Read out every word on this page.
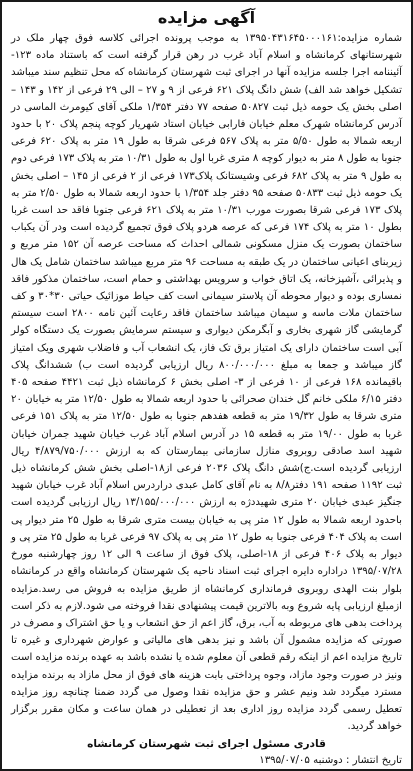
آگهی مزایده

شماره مزایده:۱۳۹۵۰۴۳۱۶۴۵۰۰۰۱۶۱ به موجب پرونده اجرائی کلاسه فوق چهار ملک در شهرستانهای کرمانشاه و اسلام آباد غرب در رهن قرار گرفته است که باستناد ماده ۱۲۳- آئیننامه اجرا جلسه مزایده آنها در اجرای ثبت شهرستان کرمانشاه که محل تنظیم سند میباشد تشکیل خواهد شد الف) شش دانگ پلاک ۶۲۱ فرعی از ۹ و ۲۷ – الی ۲۹ فرعی از ۱۴۲ و ۱۴۳ – اصلی بخش یک حومه ذیل ثبت ۵۰۸۲۷ صفحه ۷۷ دفتر ۱/۳۵۴ ملکی آقای کیومرث الماسی در آدرس کرمانشاه شهرک معلم خیابان فارابی خیابان استاد شهریار کوچه پنجم پلاک ۲۰ با حدود اربعه شمالا به طول ۵/۵۰ متر به پلاک ۵۶۷ فرعی شرقا به طول ۱۹ متر به پلاک ۶۲۰ فرعی جنوبا به طول ۸ متر به دیوار کوچه ۸ متری غربا اول به طول ۱۰/۳۱ متر به پلاک ۱۷۳ فرعی دوم به طول ۹ متر به پلاک ۶۸۲ فرعی وشیستانک پلاک۱۷۳ فرعی از ۲ فرعی از ۱۴۵ – اصلی بخش یک حومه ذیل ثبت ۵۰۸۳۳ صفحه ۹۵ دفتر جلد ۱/۳۵۴ با حدود اربعه شمالا به طول ۲/۵۰ متر به پلاک ۱۷۳ فرعی شرقا بصورت مورب ۱۰/۳۱ متر به پلاک ۶۲۱ فرعی جنوبا فاقد حد است غربا بطول ۱۰ متر به پلاک ۱۷۴ فرعی که عرصه هردو پلاک فوق تجمیع گردیده است ودر آن یکباب ساختمان بصورت یک منزل مسکونی شمالی احداث که مساحت عرصه آن ۱۵۲ متر مربع و زیربنای اعیانی ساختمان در یک طبقه به مساحت ۹۶ متر مربع میباشد ساختمان شامل یک هال و پذیرائی ،آشپزخانه، یک اتاق خواب و سرویس بهداشتی و حمام است، ساختمان مذکور فاقد نمساری بوده و دیوار محوطه آن پلاستر سیمانی است کف حیاط موزائیک حیاتی ۳۰*۳۰ و کف ساختمان ملات ماسه و سیمان میباشد ساختمان فاقد رعایت آئین نامه ۲۸۰۰ است سیستم گرمایشی گاز شهری بخاری و آبگرمکن دیواری و سیستم سرمایش بصورت یک دستگاه کولر آبی است ساختمان دارای یک امتیاز برق تک فاز، یک انشعاب آب و فاضلاب شهری ویک امتیاز گاز میباشد و جمعا به مبلغ ۸۰۰/۰۰۰/۰۰۰ ریال ارزیابی گردیده است ب) ششدانگ پلاک باقیمانده ۱۶۸ فرعی از ۱۰ فرعی از ۳- اصلی بخش ۶ کرمانشاه ذیل ثبت ۴۴۲۱ صفحه ۴۰۵ دفتر ۶/۱۵ ملکی خانم گل خندان صحرائی با حدود اربعه شمالا به طول ۱۲/۵۰ متر به خیابان ۲۰ متری شرقا به طول ۱۹/۳۲ متر به قطعه هفدهم جنوبا به طول ۱۲/۵۰ متر به پلاک ۱۵۱ فرعی غربا به طول ۱۹/۰۰ متر به قطعه ۱۵ در آدرس اسلام آباد غرب خیابان شهید جمران خیابان شهید اسد صادقی روبروی منازل سازمانی بیمارستان که به ارزش ۴/۸۷۹/۷۵۰/۰۰۰ ریال ارزیابی گردیده است.ج)شش دانگ پلاک ۲۰۳۶ فرعی از۱۸-اصلی بخش شش کرمانشاه ذیل ثبت ۱۱۹۲ صفحه ۱۹۱ دفتر۸/۸ به نام آقای کامل عبدی دراردرس اسلام آباد غرب خیابان شهید جنگیز عبدی خیابان ۲۰ متری شهیددژه به ارزش ۱۳/۱۵۵/۰۰۰/۰۰۰ ریال ارزیابی گردیده است باحدود اربعه شمالا به طول ۱۲ متر پی به خیابان بیست متری شرقا به طول ۲۵ متر دیوار پی است به پلاک ۴۰۴ فرعی جنوبا به طول ۱۲ متر پی به پلاک ۹۷ فرعی غربا به طول ۲۵ متر پی و دیوار به پلاک ۴۰۶ فرعی از ۱۸-اصلی، پلاک فوق از ساعت ۹ الی ۱۲ روز چهارشنبه مورخ ۱۳۹۵/۰۷/۲۸ دراداره دایره اجرای ثبت اسناد ناحیه یک شهرستان کرمانشاه واقع در کرمانشاه بلوار بنت الهدی روبروی فرمانداری کرمانشاه از طریق مزایده به فروش می رسد.مزایده ازمبلغ ارزیابی پایه شروع وبه بالاترین قیمت پیشنهادی نقدا فروخته می شود.لازم به ذکر است پرداخت بدهی های مربوطه به آب، برق، گاز اعم از حق انشعاب و یا حق اشتراک و مصرف در صورتی که مزایده مشمول آن باشد و نیز بدهی های مالیاتی و عوارض شهرداری و غیره تا تاریخ مزایده اعم از اینکه رقم قطعی آن معلوم شده یا نشده باشد به عهده برنده مزایده است ونیز در صورت وجود مازاد، وجوه پرداختی بابت هزینه های فوق از محل مازاد به برنده مزایده مسترد میگردد شد ونیم عشر و حق مزایده نقدا وصول می گردد ضمنا چنانچه روز مزایده تعطیل رسمی گردد مزایده روز اداری بعد از تعطیلی در همان ساعت و مکان مقرر برگزار خواهد گردید.

قادری مسئول اجرای ثبت شهرستان کرمانشاه
تاریخ انتشار : دوشنبه ۱۳۹۵/۰۷/۰۵
